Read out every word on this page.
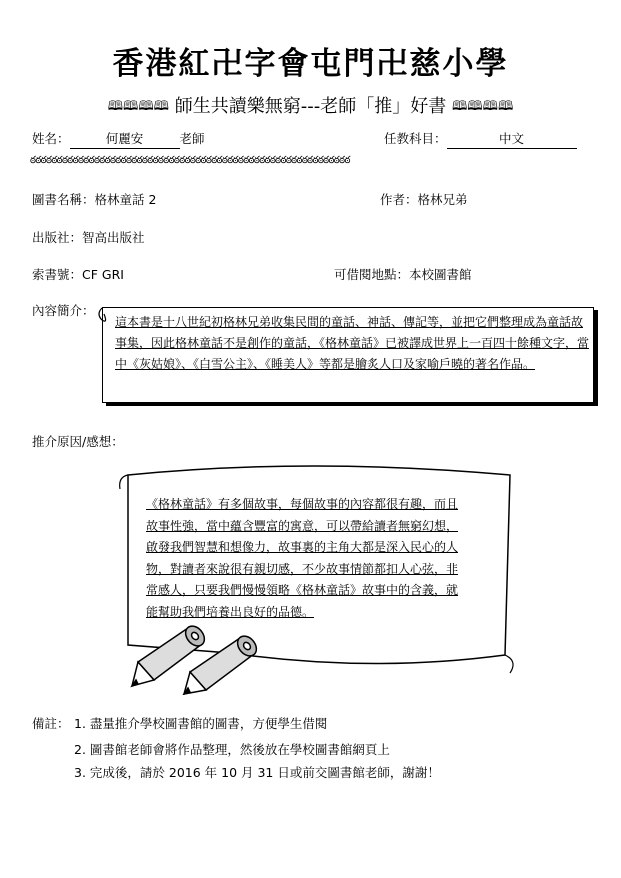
香港紅卍字會屯門卍慈小學
🕮🕮🕮🕮 師生共讀樂無窮---老師「推」好書 🕮🕮🕮🕮
姓名：	何麗安	老師	任教科目：	中文
ఠఠఠఠఠఠఠఠఠఠఠఠఠఠఠఠఠఠఠఠఠఠఠఠఠఠఠఠఠఠఠఠఠఠఠఠఠఠఠఠఠఠఠఠఠఠఠఠఠఠఠఠఠఠఠఠఠఠఠఠ
圖書名稱：格林童話 2	作者：格林兄弟
出版社：智高出版社
索書號：CF GRI	可借閱地點：本校圖書館
內容簡介：
這本書是十八世紀初格林兄弟收集民間的童話、神話、傳記等，並把它們整理成為童話故事集，因此格林童話不是創作的童話，《格林童話》已被譯成世界上一百四十餘種文字，當中《灰姑娘》、《白雪公主》、《睡美人》等都是膾炙人口及家喻戶曉的著名作品。
推介原因/感想：
《格林童話》有多個故事，每個故事的內容都很有趣，而且故事性強，當中蘊含豐富的寓意，可以帶給讀者無窮幻想，啟發我們智慧和想像力，故事裏的主角大都是深入民心的人物，對讀者來說很有親切感，不少故事情節都扣人心弦，非常感人，只要我們慢慢領略《格林童話》故事中的含義，就能幫助我們培養出良好的品德。
備註： 1. 盡量推介學校圖書館的圖書，方便學生借閱
2. 圖書館老師會將作品整理，然後放在學校圖書館網頁上
3. 完成後，請於 2016 年 10 月 31 日或前交圖書館老師，謝謝！
